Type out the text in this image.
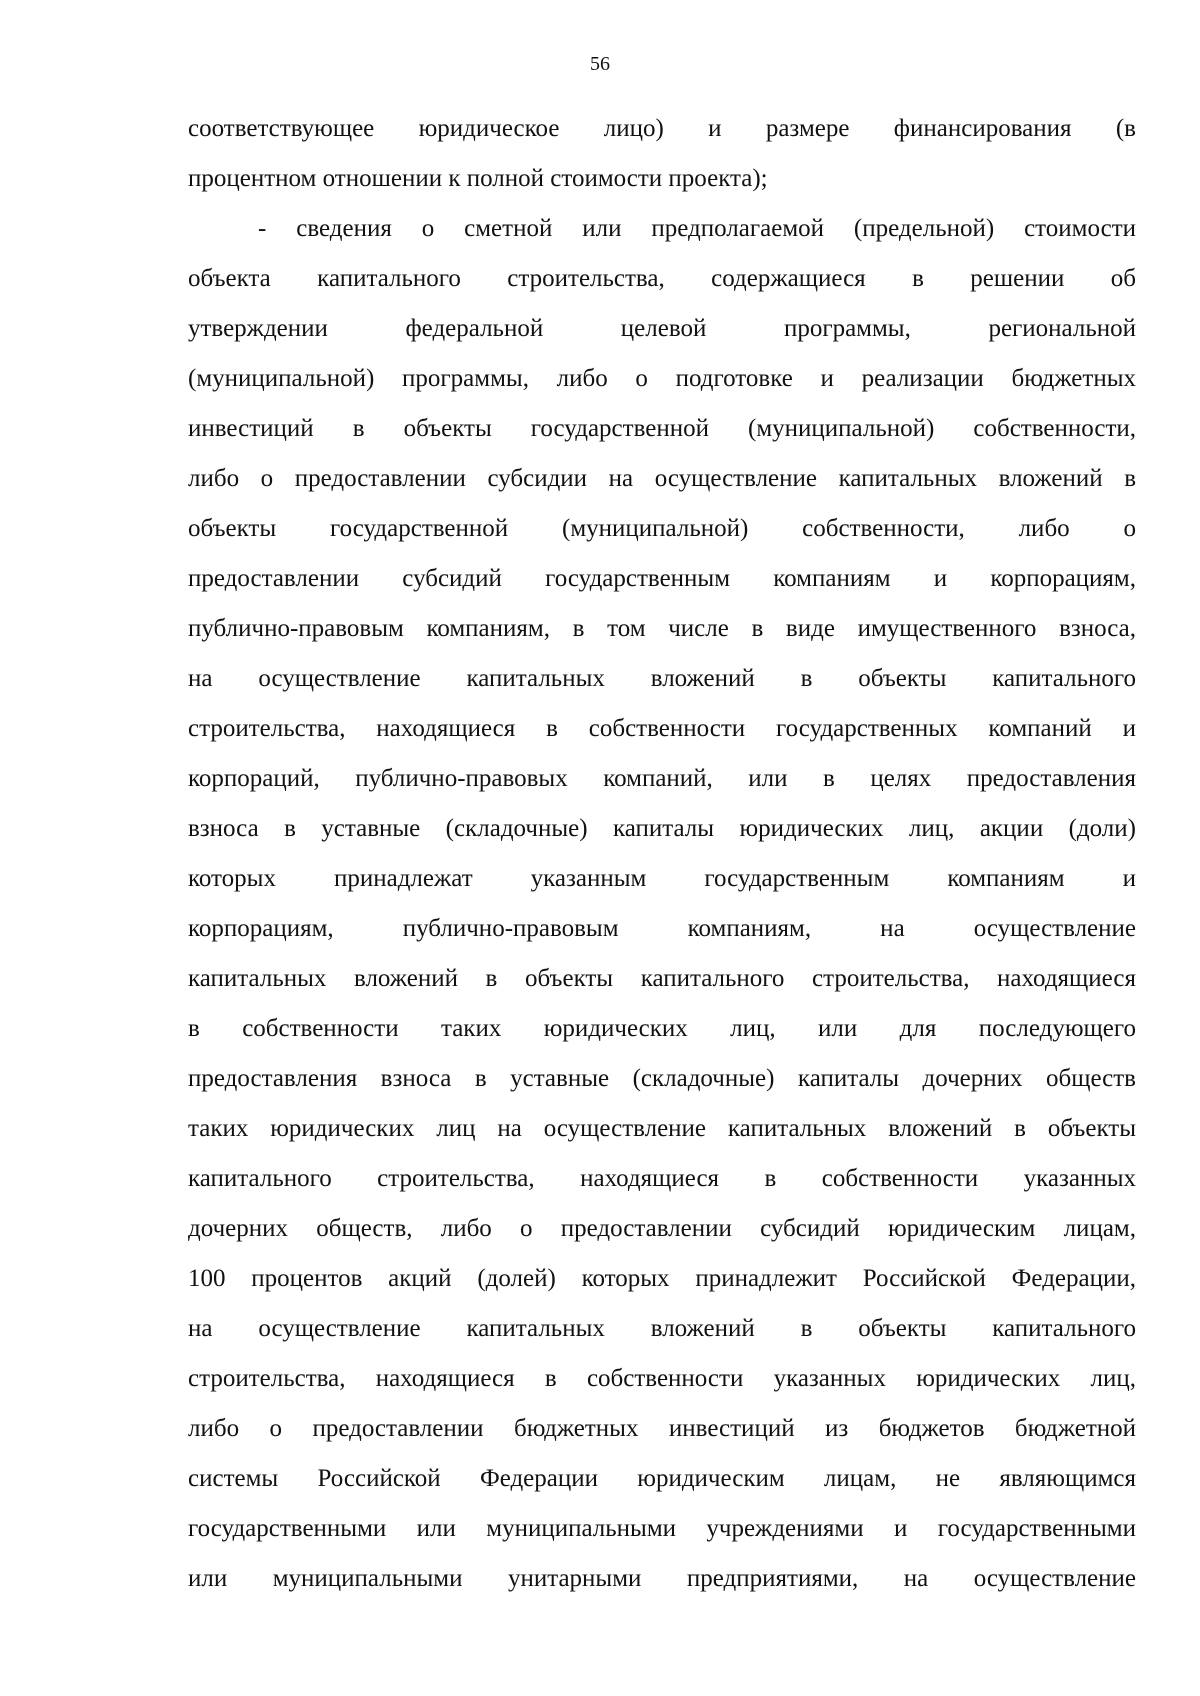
56
соответствующее юридическое лицо) и размере финансирования (в
процентном отношении к полной стоимости проекта);
- сведения о сметной или предполагаемой (предельной) стоимости
объекта капитального строительства, содержащиеся в решении об
утверждении федеральной целевой программы, региональной
(муниципальной) программы, либо о подготовке и реализации бюджетных
инвестиций в объекты государственной (муниципальной) собственности,
либо о предоставлении субсидии на осуществление капитальных вложений в
объекты государственной (муниципальной) собственности, либо о
предоставлении субсидий государственным компаниям и корпорациям,
публично-правовым компаниям, в том числе в виде имущественного взноса,
на осуществление капитальных вложений в объекты капитального
строительства, находящиеся в собственности государственных компаний и
корпораций, публично-правовых компаний, или в целях предоставления
взноса в уставные (складочные) капиталы юридических лиц, акции (доли)
которых принадлежат указанным государственным компаниям и
корпорациям, публично-правовым компаниям, на осуществление
капитальных вложений в объекты капитального строительства, находящиеся
в собственности таких юридических лиц, или для последующего
предоставления взноса в уставные (складочные) капиталы дочерних обществ
таких юридических лиц на осуществление капитальных вложений в объекты
капитального строительства, находящиеся в собственности указанных
дочерних обществ, либо о предоставлении субсидий юридическим лицам,
100 процентов акций (долей) которых принадлежит Российской Федерации,
на осуществление капитальных вложений в объекты капитального
строительства, находящиеся в собственности указанных юридических лиц,
либо о предоставлении бюджетных инвестиций из бюджетов бюджетной
системы Российской Федерации юридическим лицам, не являющимся
государственными или муниципальными учреждениями и государственными
или муниципальными унитарными предприятиями, на осуществление
